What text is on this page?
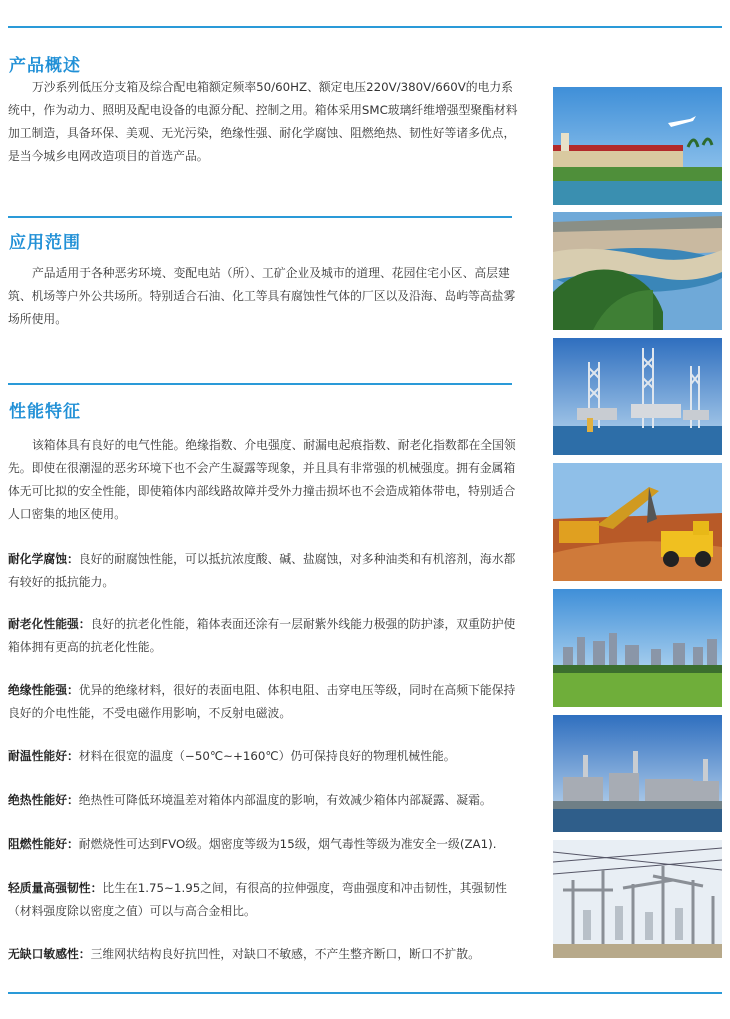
产品概述

万沙系列低压分支箱及综合配电箱额定频率50/60HZ、额定电压220V/380V/660V的电力系统中，作为动力、照明及配电设备的电源分配、控制之用。箱体采用SMC玻璃纤维增强型聚酯材料加工制造，具备环保、美观、无光污染，绝缘性强、耐化学腐蚀、阻燃绝热、韧性好等诸多优点，是当今城乡电网改造项目的首选产品。

应用范围

产品适用于各种恶劣环境、变配电站（所）、工矿企业及城市的道理、花园住宅小区、高层建筑、机场等户外公共场所。特别适合石油、化工等具有腐蚀性气体的厂区以及沿海、岛屿等高盐雾场所使用。

性能特征

该箱体具有良好的电气性能。绝缘指数、介电强度、耐漏电起痕指数、耐老化指数都在全国领先。即使在很潮湿的恶劣环境下也不会产生凝露等现象，并且具有非常强的机械强度。拥有金属箱体无可比拟的安全性能，即使箱体内部线路故障并受外力撞击损坏也不会造成箱体带电，特别适合人口密集的地区使用。

耐化学腐蚀：良好的耐腐蚀性能，可以抵抗浓度酸、碱、盐腐蚀，对多种油类和有机溶剂，海水都有较好的抵抗能力。

耐老化性能强：良好的抗老化性能，箱体表面还涂有一层耐紫外线能力极强的防护漆，双重防护使箱体拥有更高的抗老化性能。

绝缘性能强：优异的绝缘材料，很好的表面电阻、体积电阻、击穿电压等级，同时在高频下能保持良好的介电性能，不受电磁作用影响，不反射电磁波。

耐温性能好：材料在很宽的温度（−50℃~+160℃）仍可保持良好的物理机械性能。

绝热性能好：绝热性可降低环境温差对箱体内部温度的影响，有效减少箱体内部凝露、凝霜。

阻燃性能好：耐燃烧性可达到FVO级。烟密度等级为15级，烟气毒性等级为准安全一级(ZA1).

轻质量高强韧性：比生在1.75~1.95之间，有很高的拉伸强度，弯曲强度和冲击韧性，其强韧性（材料强度除以密度之值）可以与高合金相比。

无缺口敏感性：三维网状结构良好抗凹性，对缺口不敏感，不产生整齐断口，断口不扩散。
